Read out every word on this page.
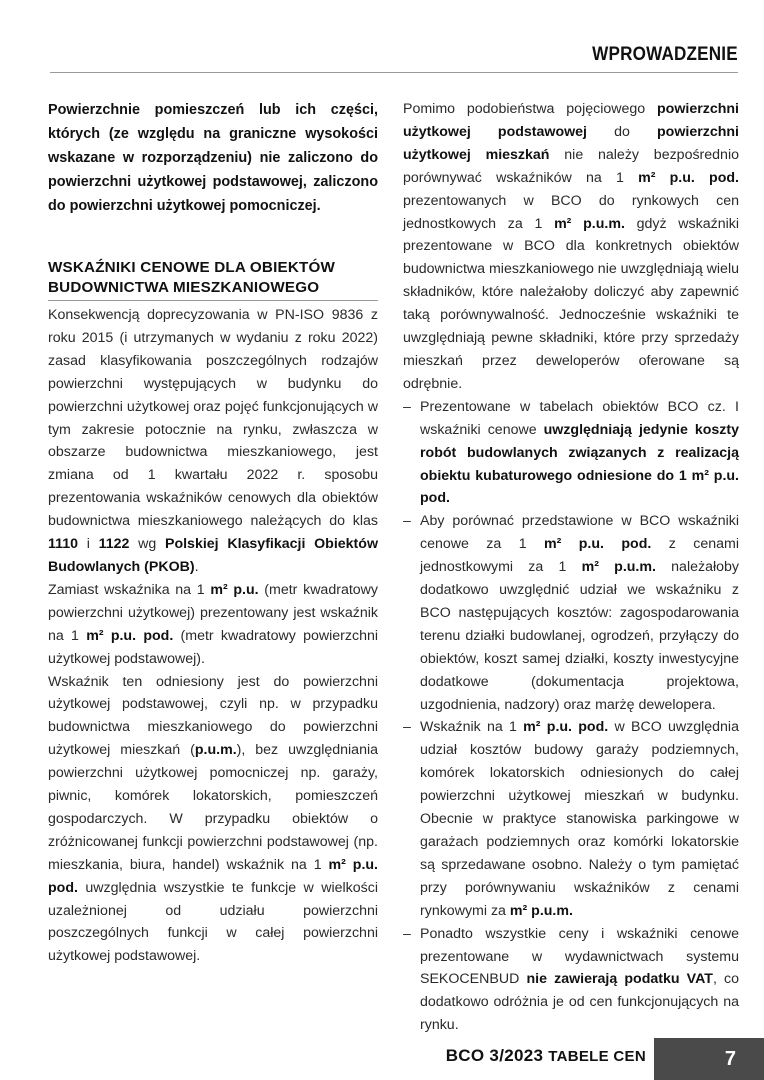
WPROWADZENIE

Powierzchnie pomieszczeń lub ich części, których (ze względu na graniczne wysokości wskazane w rozporządzeniu) nie zaliczono do powierzchni użytkowej podstawowej, zaliczono do powierzchni użytkowej pomocniczej.

WSKAŹNIKI CENOWE DLA OBIEKTÓW
BUDOWNICTWA MIESZKANIOWEGO

Konsekwencją doprecyzowania w PN-ISO 9836 z roku 2015 (i utrzymanych w wydaniu z roku 2022) zasad klasyfikowania poszczególnych rodzajów powierzchni występujących w budynku do powierzchni użytkowej oraz pojęć funkcjonujących w tym zakresie potocznie na rynku, zwłaszcza w obszarze budownictwa mieszkaniowego, jest zmiana od 1 kwartału 2022 r. sposobu prezentowania wskaźników cenowych dla obiektów budownictwa mieszkaniowego należących do klas 1110 i 1122 wg Polskiej Klasyfikacji Obiektów Budowlanych (PKOB).

Zamiast wskaźnika na 1 m² p.u. (metr kwadratowy powierzchni użytkowej) prezentowany jest wskaźnik na 1 m² p.u. pod. (metr kwadratowy powierzchni użytkowej podstawowej).

Wskaźnik ten odniesiony jest do powierzchni użytkowej podstawowej, czyli np. w przypadku budownictwa mieszkaniowego do powierzchni użytkowej mieszkań (p.u.m.), bez uwzględniania powierzchni użytkowej pomocniczej np. garaży, piwnic, komórek lokatorskich, pomieszczeń gospodarczych. W przypadku obiektów o zróżnicowanej funkcji powierzchni podstawowej (np. mieszkania, biura, handel) wskaźnik na 1 m² p.u. pod. uwzględnia wszystkie te funkcje w wielkości uzależnionej od udziału powierzchni poszczególnych funkcji w całej powierzchni użytkowej podstawowej.

Pomimo podobieństwa pojęciowego powierzchni użytkowej podstawowej do powierzchni użytkowej mieszkań nie należy bezpośrednio porównywać wskaźników na 1 m² p.u. pod. prezentowanych w BCO do rynkowych cen jednostkowych za 1 m² p.u.m. gdyż wskaźniki prezentowane w BCO dla konkretnych obiektów budownictwa mieszkaniowego nie uwzględniają wielu składników, które należałoby doliczyć aby zapewnić taką porównywalność. Jednocześnie wskaźniki te uwzględniają pewne składniki, które przy sprzedaży mieszkań przez deweloperów oferowane są odrębnie.

– Prezentowane w tabelach obiektów BCO cz. I wskaźniki cenowe uwzględniają jedynie koszty robót budowlanych związanych z realizacją obiektu kubaturowego odniesione do 1 m² p.u. pod.
– Aby porównać przedstawione w BCO wskaźniki cenowe za 1 m² p.u. pod. z cenami jednostkowymi za 1 m² p.u.m. należałoby dodatkowo uwzględnić udział we wskaźniku z BCO następujących kosztów: zagospodarowania terenu działki budowlanej, ogrodzeń, przyłączy do obiektów, koszt samej działki, koszty inwestycyjne dodatkowe (dokumentacja projektowa, uzgodnienia, nadzory) oraz marżę dewelopera.
– Wskaźnik na 1 m² p.u. pod. w BCO uwzględnia udział kosztów budowy garaży podziemnych, komórek lokatorskich odniesionych do całej powierzchni użytkowej mieszkań w budynku. Obecnie w praktyce stanowiska parkingowe w garażach podziemnych oraz komórki lokatorskie są sprzedawane osobno. Należy o tym pamiętać przy porównywaniu wskaźników z cenami rynkowymi za m² p.u.m.
– Ponadto wszystkie ceny i wskaźniki cenowe prezentowane w wydawnictwach systemu SEKOCENBUD nie zawierają podatku VAT, co dodatkowo odróżnia je od cen funkcjonujących na rynku.
BCO 3/2023 TABELE CEN	7
